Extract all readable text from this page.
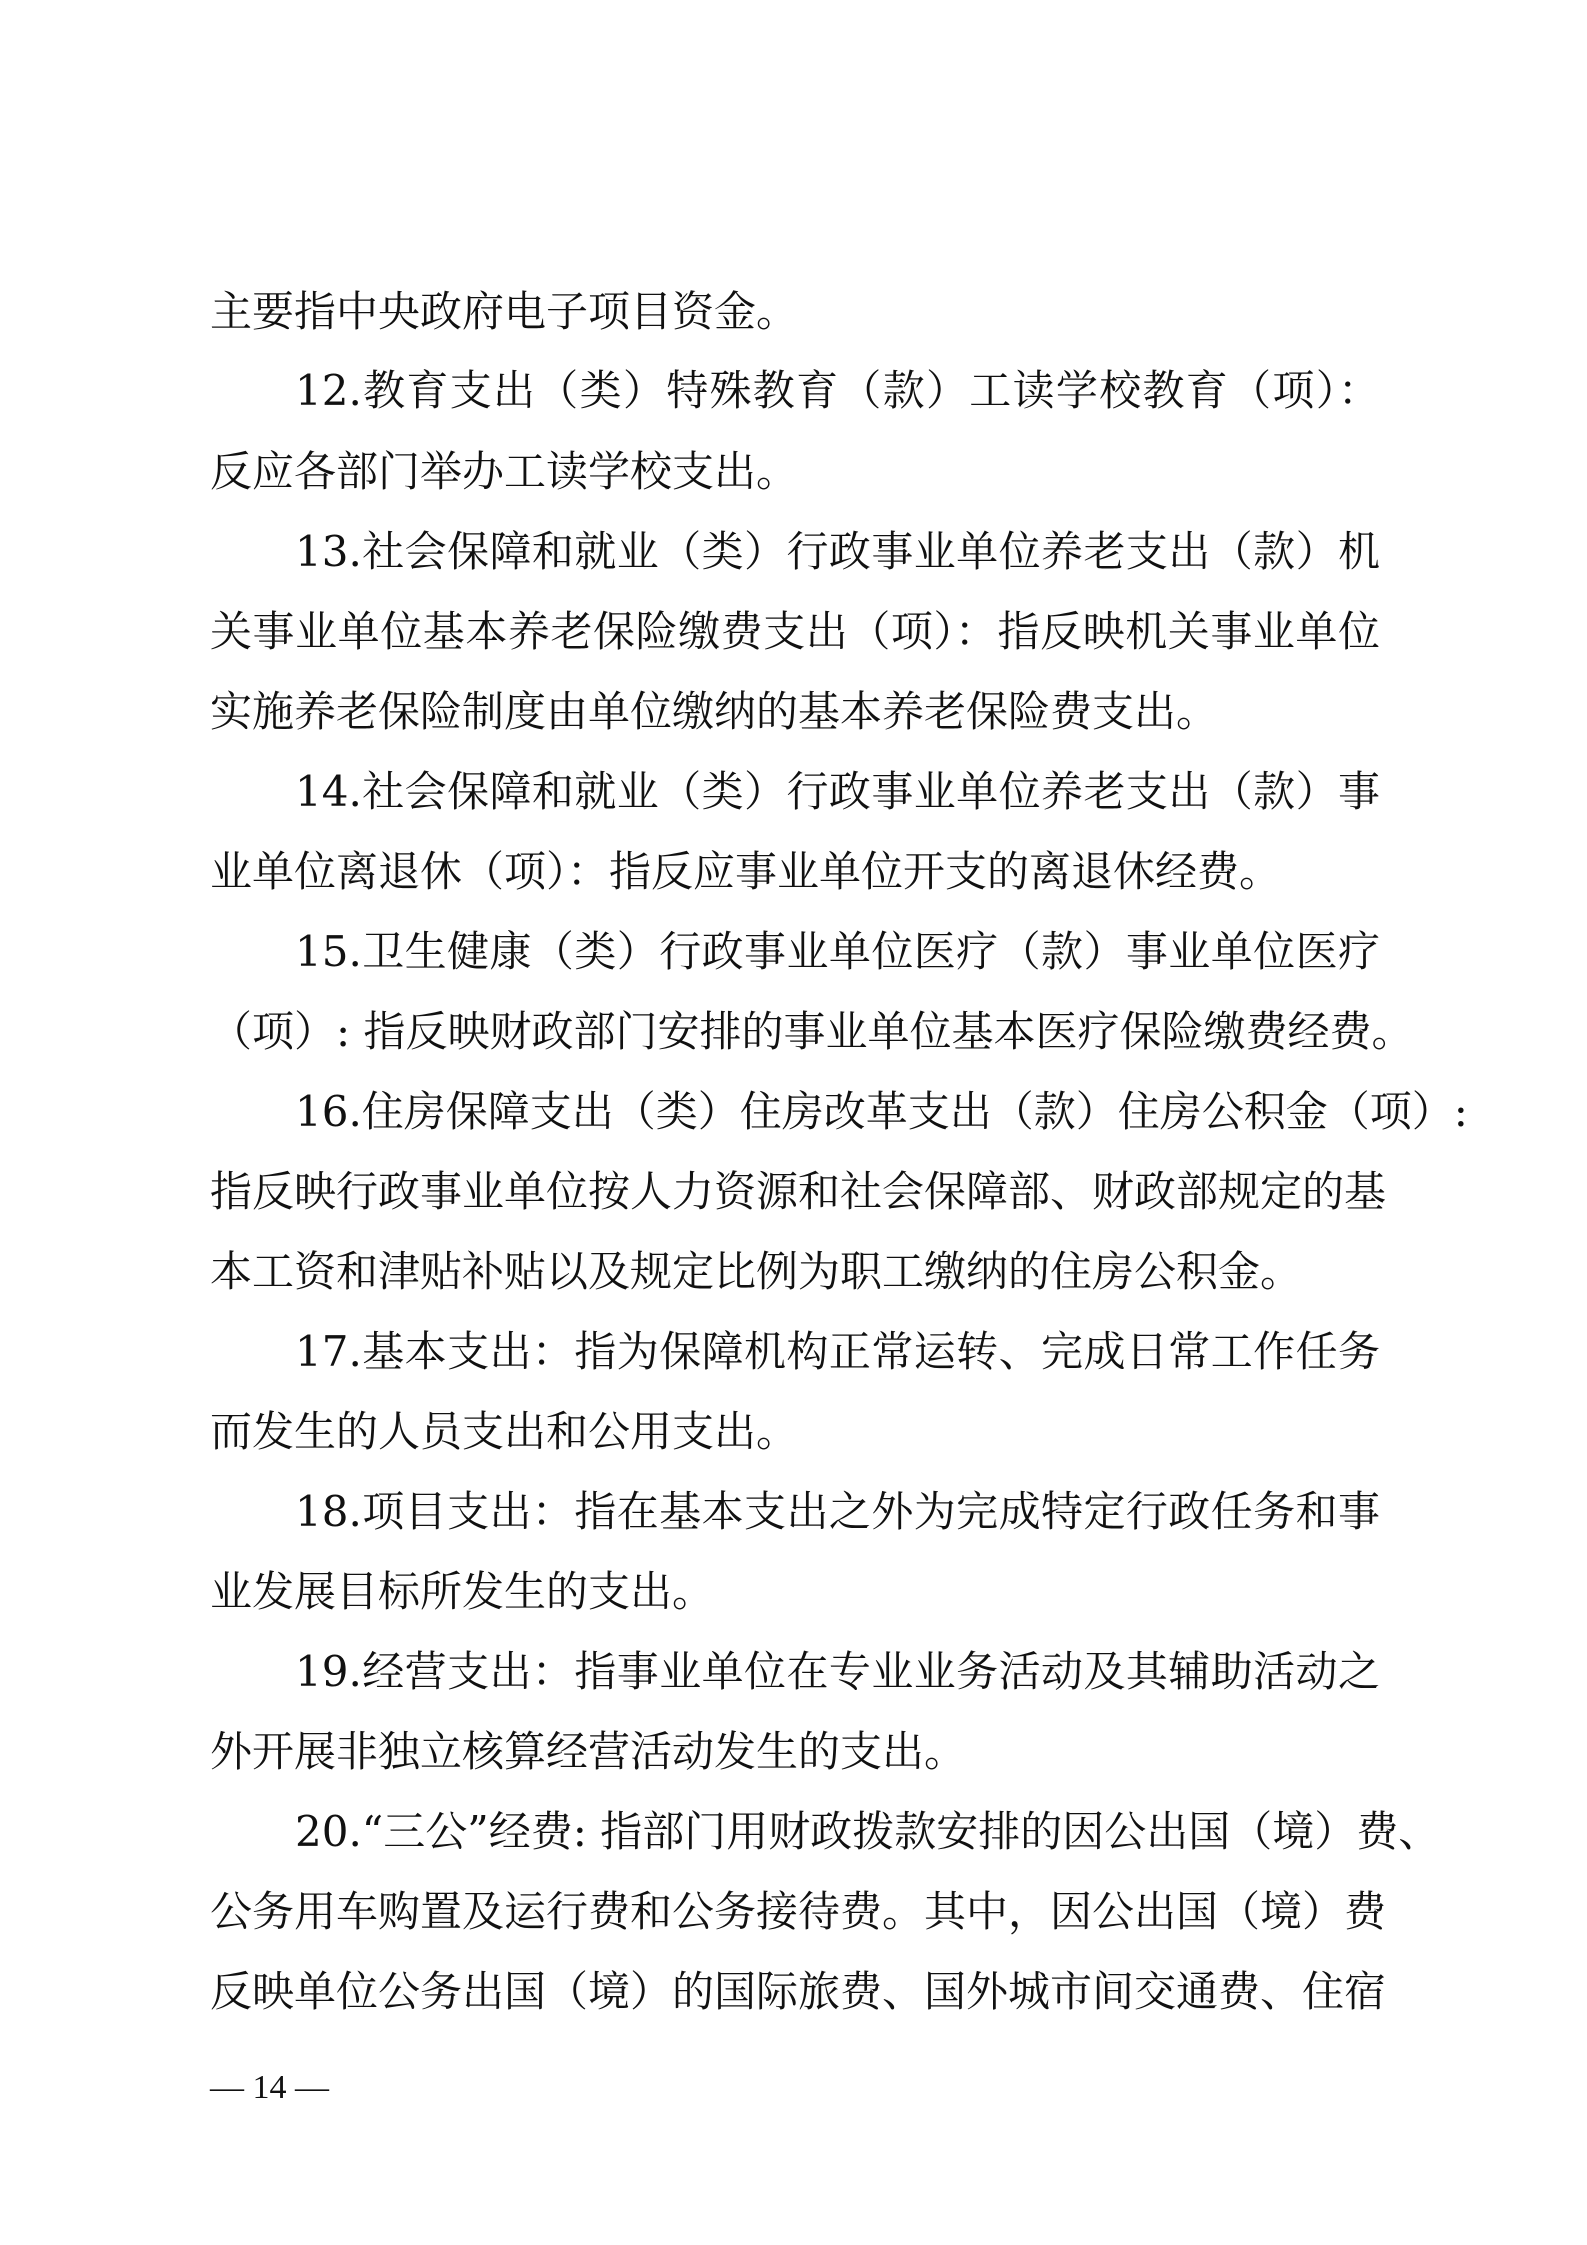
主要指中央政府电子项目资金。
12.教育支出（类）特殊教育（款）工读学校教育（项）：
反应各部门举办工读学校支出。
13.社会保障和就业（类）行政事业单位养老支出（款）机
关事业单位基本养老保险缴费支出（项）：指反映机关事业单位
实施养老保险制度由单位缴纳的基本养老保险费支出。
14.社会保障和就业（类）行政事业单位养老支出（款）事
业单位离退休（项）：指反应事业单位开支的离退休经费。
15.卫生健康（类）行政事业单位医疗（款）事业单位医疗
（项）: 指反映财政部门安排的事业单位基本医疗保险缴费经费。
16.住房保障支出（类）住房改革支出（款）住房公积金（项）:
指反映行政事业单位按人力资源和社会保障部、财政部规定的基
本工资和津贴补贴以及规定比例为职工缴纳的住房公积金。
17.基本支出：指为保障机构正常运转、完成日常工作任务
而发生的人员支出和公用支出。
18.项目支出：指在基本支出之外为完成特定行政任务和事
业发展目标所发生的支出。
19.经营支出：指事业单位在专业业务活动及其辅助活动之
外开展非独立核算经营活动发生的支出。
20.“三公”经费: 指部门用财政拨款安排的因公出国（境）费、
公务用车购置及运行费和公务接待费。其中，因公出国（境）费
反映单位公务出国（境）的国际旅费、国外城市间交通费、住宿
— 14 —
